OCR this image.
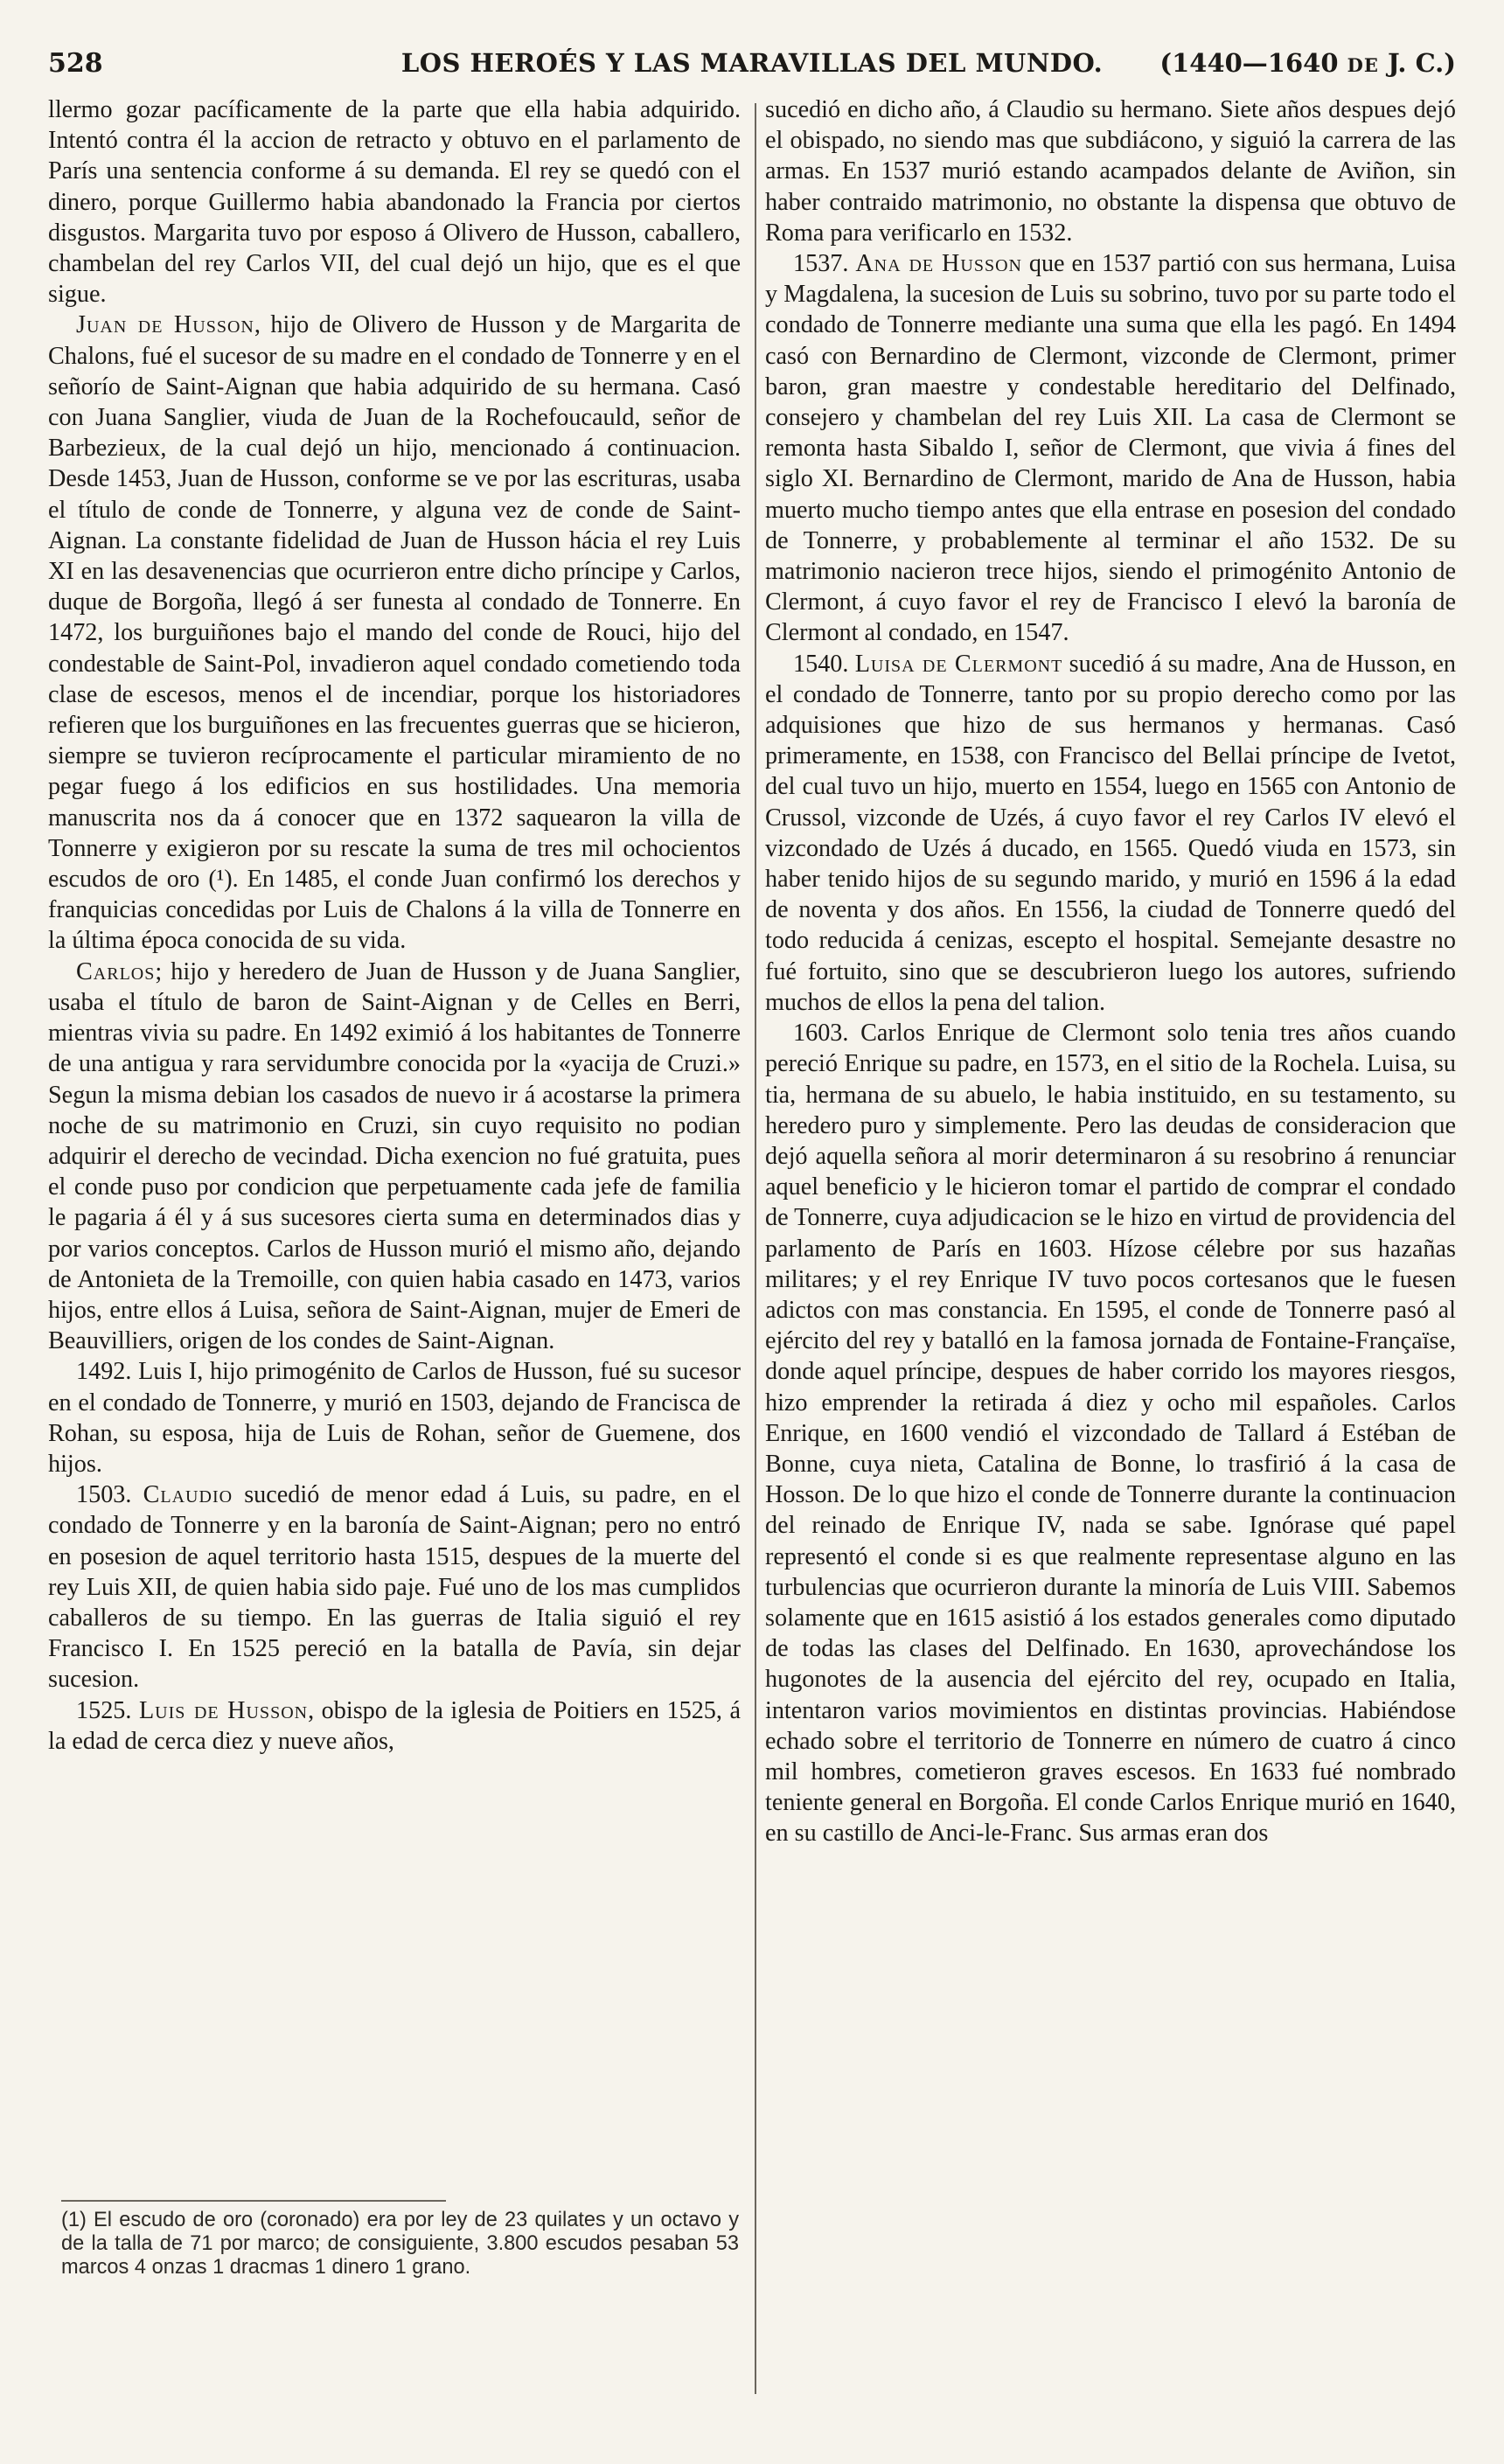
528	LOS HEROÉS Y LAS MARAVILLAS DEL MUNDO.	(1440—1640 DE J. C.)

llermo gozar pacíficamente de la parte que ella habia adquirido. Intentó contra él la accion de retracto y obtuvo en el parlamento de París una sentencia conforme á su demanda. El rey se quedó con el dinero, porque Guillermo habia abandonado la Francia por ciertos disgustos. Margarita tuvo por esposo á Olivero de Husson, caballero, chambelan del rey Carlos VII, del cual dejó un hijo, que es el que sigue.

Juan de Husson, hijo de Olivero de Husson y de Margarita de Chalons, fué el sucesor de su madre en el condado de Tonnerre y en el señorío de Saint-Aignan que habia adquirido de su hermana. Casó con Juana Sanglier, viuda de Juan de la Rochefoucauld, señor de Barbezieux, de la cual dejó un hijo, mencionado á continuacion. Desde 1453, Juan de Husson, conforme se ve por las escrituras, usaba el título de conde de Tonnerre, y alguna vez de conde de Saint-Aignan. La constante fidelidad de Juan de Husson hácia el rey Luis XI en las desavenencias que ocurrieron entre dicho príncipe y Carlos, duque de Borgoña, llegó á ser funesta al condado de Tonnerre. En 1472, los burguiñones bajo el mando del conde de Rouci, hijo del condestable de Saint-Pol, invadieron aquel condado cometiendo toda clase de escesos, menos el de incendiar, porque los historiadores refieren que los burguiñones en las frecuentes guerras que se hicieron, siempre se tuvieron recíprocamente el particular miramiento de no pegar fuego á los edificios en sus hostilidades. Una memoria manuscrita nos da á conocer que en 1372 saquearon la villa de Tonnerre y exigieron por su rescate la suma de tres mil ochocientos escudos de oro (¹). En 1485, el conde Juan confirmó los derechos y franquicias concedidas por Luis de Chalons á la villa de Tonnerre en la última época conocida de su vida.

Carlos; hijo y heredero de Juan de Husson y de Juana Sanglier, usaba el título de baron de Saint-Aignan y de Celles en Berri, mientras vivia su padre. En 1492 eximió á los habitantes de Tonnerre de una antigua y rara servidumbre conocida por la «yacija de Cruzi.» Segun la misma debian los casados de nuevo ir á acostarse la primera noche de su matrimonio en Cruzi, sin cuyo requisito no podian adquirir el derecho de vecindad. Dicha exencion no fué gratuita, pues el conde puso por condicion que perpetuamente cada jefe de familia le pagaria á él y á sus sucesores cierta suma en determinados dias y por varios conceptos. Carlos de Husson murió el mismo año, dejando de Antonieta de la Tremoille, con quien habia casado en 1473, varios hijos, entre ellos á Luisa, señora de Saint-Aignan, mujer de Emeri de Beauvilliers, origen de los condes de Saint-Aignan.

1492. Luis I, hijo primogénito de Carlos de Husson, fué su sucesor en el condado de Tonnerre, y murió en 1503, dejando de Francisca de Rohan, su esposa, hija de Luis de Rohan, señor de Guemene, dos hijos.

1503. Claudio sucedió de menor edad á Luis, su padre, en el condado de Tonnerre y en la baronía de Saint-Aignan; pero no entró en posesion de aquel territorio hasta 1515, despues de la muerte del rey Luis XII, de quien habia sido paje. Fué uno de los mas cumplidos caballeros de su tiempo. En las guerras de Italia siguió el rey Francisco I. En 1525 pereció en la batalla de Pavía, sin dejar sucesion.

1525. Luis de Husson, obispo de la iglesia de Poitiers en 1525, á la edad de cerca diez y nueve años,

sucedió en dicho año, á Claudio su hermano. Siete años despues dejó el obispado, no siendo mas que subdiácono, y siguió la carrera de las armas. En 1537 murió estando acampados delante de Aviñon, sin haber contraido matrimonio, no obstante la dispensa que obtuvo de Roma para verificarlo en 1532.

1537. Ana de Husson que en 1537 partió con sus hermana, Luisa y Magdalena, la sucesion de Luis su sobrino, tuvo por su parte todo el condado de Tonnerre mediante una suma que ella les pagó. En 1494 casó con Bernardino de Clermont, vizconde de Clermont, primer baron, gran maestre y condestable hereditario del Delfinado, consejero y chambelan del rey Luis XII. La casa de Clermont se remonta hasta Sibaldo I, señor de Clermont, que vivia á fines del siglo XI. Bernardino de Clermont, marido de Ana de Husson, habia muerto mucho tiempo antes que ella entrase en posesion del condado de Tonnerre, y probablemente al terminar el año 1532. De su matrimonio nacieron trece hijos, siendo el primogénito Antonio de Clermont, á cuyo favor el rey de Francisco I elevó la baronía de Clermont al condado, en 1547.

1540. Luisa de Clermont sucedió á su madre, Ana de Husson, en el condado de Tonnerre, tanto por su propio derecho como por las adquisiones que hizo de sus hermanos y hermanas. Casó primeramente, en 1538, con Francisco del Bellai príncipe de Ivetot, del cual tuvo un hijo, muerto en 1554, luego en 1565 con Antonio de Crussol, vizconde de Uzés, á cuyo favor el rey Carlos IV elevó el vizcondado de Uzés á ducado, en 1565. Quedó viuda en 1573, sin haber tenido hijos de su segundo marido, y murió en 1596 á la edad de noventa y dos años. En 1556, la ciudad de Tonnerre quedó del todo reducida á cenizas, escepto el hospital. Semejante desastre no fué fortuito, sino que se descubrieron luego los autores, sufriendo muchos de ellos la pena del talion.

1603. Carlos Enrique de Clermont solo tenia tres años cuando pereció Enrique su padre, en 1573, en el sitio de la Rochela. Luisa, su tia, hermana de su abuelo, le habia instituido, en su testamento, su heredero puro y simplemente. Pero las deudas de consideracion que dejó aquella señora al morir determinaron á su resobrino á renunciar aquel beneficio y le hicieron tomar el partido de comprar el condado de Tonnerre, cuya adjudicacion se le hizo en virtud de providencia del parlamento de París en 1603. Hízose célebre por sus hazañas militares; y el rey Enrique IV tuvo pocos cortesanos que le fuesen adictos con mas constancia. En 1595, el conde de Tonnerre pasó al ejército del rey y batalló en la famosa jornada de Fontaine-Françaïse, donde aquel príncipe, despues de haber corrido los mayores riesgos, hizo emprender la retirada á diez y ocho mil españoles. Carlos Enrique, en 1600 vendió el vizcondado de Tallard á Estéban de Bonne, cuya nieta, Catalina de Bonne, lo trasfirió á la casa de Hosson. De lo que hizo el conde de Tonnerre durante la continuacion del reinado de Enrique IV, nada se sabe. Ignórase qué papel representó el conde si es que realmente representase alguno en las turbulencias que ocurrieron durante la minoría de Luis VIII. Sabemos solamente que en 1615 asistió á los estados generales como diputado de todas las clases del Delfinado. En 1630, aprovechándose los hugonotes de la ausencia del ejército del rey, ocupado en Italia, intentaron varios movimientos en distintas provincias. Habiéndose echado sobre el territorio de Tonnerre en número de cuatro á cinco mil hombres, cometieron graves escesos. En 1633 fué nombrado teniente general en Borgoña. El conde Carlos Enrique murió en 1640, en su castillo de Anci-le-Franc. Sus armas eran dos

(1) El escudo de oro (coronado) era por ley de 23 quilates y un octavo y de la talla de 71 por marco; de consiguiente, 3.800 escudos pesaban 53 marcos 4 onzas 1 dracmas 1 dinero 1 grano.
